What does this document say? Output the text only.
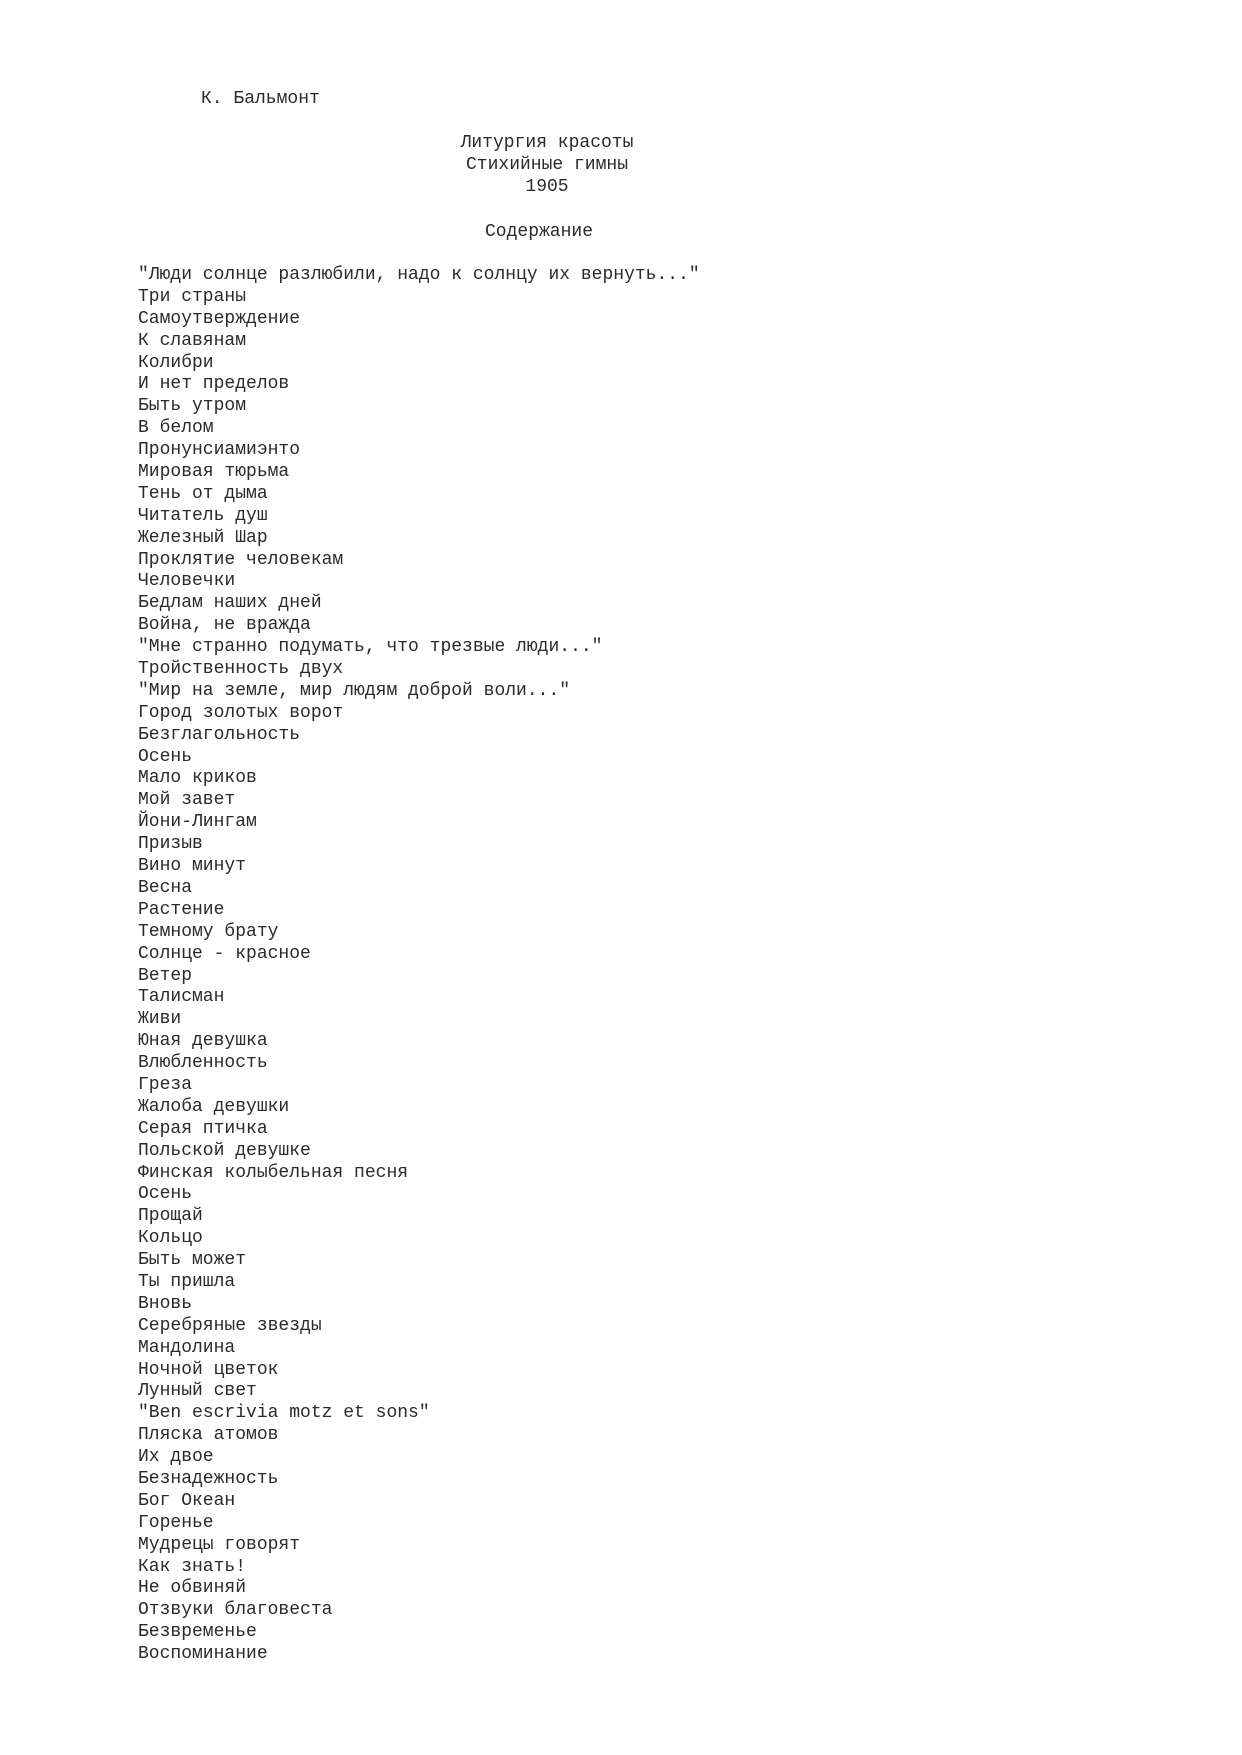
К. Бальмонт
Литургия красоты
Стихийные гимны
1905
Содержание
"Люди солнце разлюбили, надо к солнцу их вернуть..."
Три страны
Самоутверждение
К славянам
Колибри
И нет пределов
Быть утром
В белом
Пронунсиамиэнто
Мировая тюрьма
Тень от дыма
Читатель душ
Железный Шар
Проклятие человекам
Человечки
Бедлам наших дней
Война, не вражда
"Мне странно подумать, что трезвые люди..."
Тройственность двух
"Мир на земле, мир людям доброй воли..."
Город золотых ворот
Безглагольность
Осень
Мало криков
Мой завет
Йони-Лингам
Призыв
Вино минут
Весна
Растение
Темному брату
Солнце - красное
Ветер
Талисман
Живи
Юная девушка
Влюбленность
Греза
Жалоба девушки
Серая птичка
Польской девушке
Финская колыбельная песня
Осень
Прощай
Кольцо
Быть может
Ты пришла
Вновь
Серебряные звезды
Мандолина
Ночной цветок
Лунный свет
"Ben escrivia motz et sons"
Пляска атомов
Их двое
Безнадежность
Бог Океан
Горенье
Мудрецы говорят
Как знать!
Не обвиняй
Отзвуки благовеста
Безвременье
Воспоминание
